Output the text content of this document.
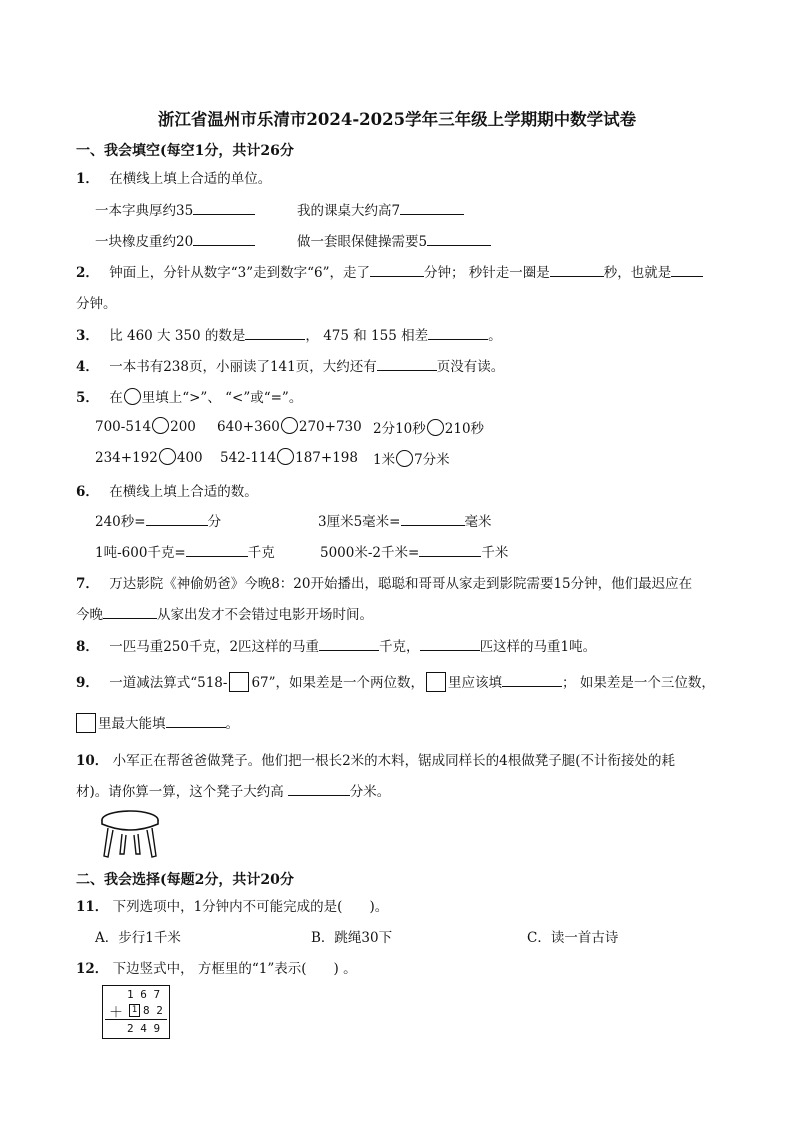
浙江省温州市乐清市2024-2025学年三年级上学期期中数学试卷
一、我会填空(每空1分，共计26分
1． 在横线上填上合适的单位。
一本字典厚约35	我的课桌大约高7
一块橡皮重约20	做一套眼保健操需要5
2． 钟面上，分针从数字“3”走到数字“6”，走了	分钟； 秒针走一圈是	秒，也就是
分钟。
3． 比 460 大 350 的数是	， 475 和 155 相差	。
4． 一本书有238页，小丽读了141页，大约还有	页没有读。
5． 在 里填上“>”、 “<”或“=”。
700-514 200 640+360 270+730 2分10秒 210秒
234+192 400 542-114 187+198 1米 7分米
6． 在横线上填上合适的数。
240秒=	分	3厘米5毫米=	毫米
1吨-600千克=	千克	5000米-2千米=	千米
7． 万达影院《神偷奶爸》今晚8：20开始播出，聪聪和哥哥从家走到影院需要15分钟，他们最迟应在
今晚	从家出发才不会错过电影开场时间。
8． 一匹马重250千克，2匹这样的马重	千克，	匹这样的马重1吨。
9． 一道减法算式“518- 67”，如果差是一个两位数， 里应该填	； 如果差是一个三位数，
里最大能填	。
10． 小军正在帮爸爸做凳子。他们把一根长2米的木料，锯成同样长的4根做凳子腿(不计衔接处的耗
材)。请你算一算，这个凳子大约高	分米。
二、我会选择(每题2分，共计20分
11． 下列选项中，1分钟内不可能完成的是(　　)。
A．步行1千米	B．跳绳30下	C．读一首古诗
12． 下边竖式中， 方框里的“1”表示(　　) 。
1 6 7
＋ 1 8 2
2 4 9
